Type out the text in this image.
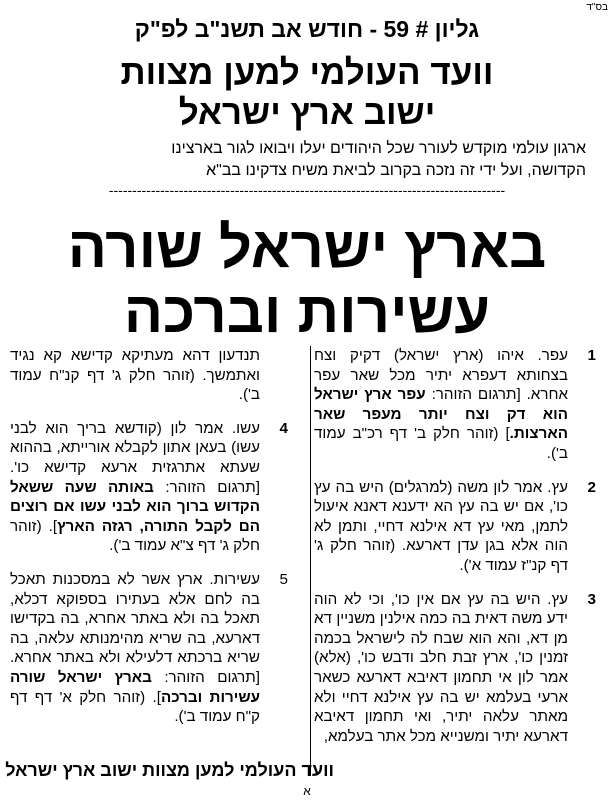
בס"ד
גליון # 59 - חודש אב תשנ"ב לפ"ק
וועד העולמי למען מצוות
ישוב ארץ ישראל
ארגון עולמי מוקדש לעורר שכל היהודים יעלו ויבואו לגור בארצינו
הקדושה, ועל ידי זה נזכה בקרוב לביאת משיח צדקינו בב"א
-------------------------------------------------------------------------------------
בארץ ישראל שורה
עשירות וברכה
1
עפר. איהו (ארץ ישראל) דקיק וצח בצחותא דעפרא יתיר מכל שאר עפר אחרא. [תרגום הזוהר: עפר ארץ ישראל הוא דק וצח יותר מעפר שאר הארצות.] (זוהר חלק ב' דף רכ"ב עמוד ב').
2
עץ. אמר לון משה (למרגלים) היש בה עץ כו', אם יש בה עץ הא ידענא דאנא איעול לתמן, מאי עץ דא אילנא דחיי, ותמן לא הוה אלא בגן עדן דארעא. (זוהר חלק ג' דף קנ"ז עמוד א').
3
עץ. היש בה עץ אם אין כו', וכי לא הוה ידע משה דאית בה כמה אילנין משניין דא מן דא, והא הוא שבח לה לישראל בכמה זמנין כו', ארץ זבת חלב ודבש כו', (אלא) אמר לון אי תחמון דאיבא דארעא כשאר ארעי בעלמא יש בה עץ אילנא דחיי ולא מאתר עלאה יתיר, ואי תחמון דאיבא דארעא יתיר ומשנייא מכל אתר בעלמא,
תנדעון דהא מעתיקא קדישא קא נגיד ואתמשך. (זוהר חלק ג' דף קנ"ח עמוד ב').
4
עשו. אמר לון (קודשא בריך הוא לבני עשו) בעאן אתון לקבלא אורייתא, בההוא שעתא אתרגזית ארעא קדישא כו'. [תרגום הזוהר: באותה שעה ששאל הקדוש ברוך הוא לבני עשו אם רוצים הם לקבל התורה, רגזה הארץ]. (זוהר חלק ג' דף צ"א עמוד ב').
5
עשירות. ארץ אשר לא במסכנות תאכל בה לחם אלא בעתירו בספוקא דכלא, תאכל בה ולא באתר אחרא, בה בקדישו דארעא, בה שריא מהימנותא עלאה, בה שריא ברכתא דלעילא ולא באתר אחרא. [תרגום הזוהר: בארץ ישראל שורה עשירות וברכה]. (זוהר חלק א' דף דף ק"ח עמוד ב').
וועד העולמי למען מצוות ישוב ארץ ישראל
א
